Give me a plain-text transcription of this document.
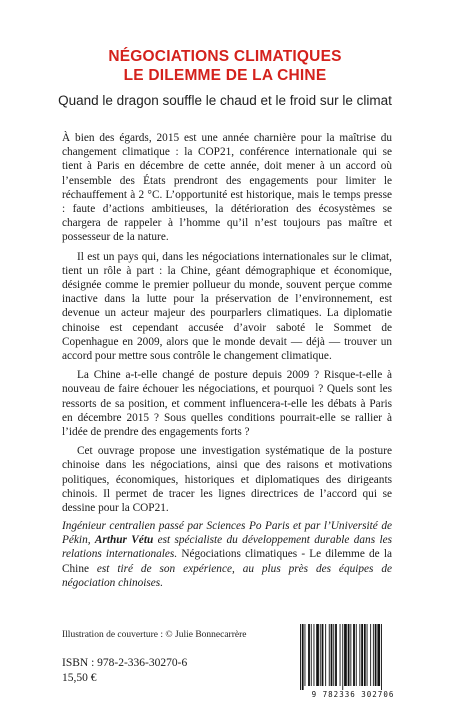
NÉGOCIATIONS CLIMATIQUES
LE DILEMME DE LA CHINE
Quand le dragon souffle le chaud et le froid sur le climat

À bien des égards, 2015 est une année charnière pour la maîtrise du changement climatique : la COP21, conférence internationale qui se tient à Paris en décembre de cette année, doit mener à un accord où l’ensemble des États prendront des engagements pour limiter le réchauffement à 2 °C. L’opportunité est historique, mais le temps presse : faute d’actions ambitieuses, la détérioration des écosystèmes se chargera de rappeler à l’homme qu’il n’est toujours pas maître et possesseur de la nature.

Il est un pays qui, dans les négociations internationales sur le climat, tient un rôle à part : la Chine, géant démographique et économique, désignée comme le premier pollueur du monde, souvent perçue comme inactive dans la lutte pour la préservation de l’environnement, est devenue un acteur majeur des pourparlers climatiques. La diplomatie chinoise est cependant accusée d’avoir saboté le Sommet de Copenhague en 2009, alors que le monde devait — déjà — trouver un accord pour mettre sous contrôle le changement climatique.

La Chine a-t-elle changé de posture depuis 2009 ? Risque-t-elle à nouveau de faire échouer les négociations, et pourquoi ? Quels sont les ressorts de sa position, et comment influencera-t-elle les débats à Paris en décembre 2015 ? Sous quelles conditions pourrait-elle se rallier à l’idée de prendre des engagements forts ?

Cet ouvrage propose une investigation systématique de la posture chinoise dans les négociations, ainsi que des raisons et motivations politiques, économiques, historiques et diplomatiques des dirigeants chinois. Il permet de tracer les lignes directrices de l’accord qui se dessine pour la COP21.

Ingénieur centralien passé par Sciences Po Paris et par l’Université de Pékin, Arthur Vétu est spécialiste du développement durable dans les relations internationales. Négociations climatiques - Le dilemme de la Chine est tiré de son expérience, au plus près des équipes de négociation chinoises.
Illustration de couverture : © Julie Bonnecarrère
ISBN : 978-2-336-30270-6
15,50 €
9 782336 302706
